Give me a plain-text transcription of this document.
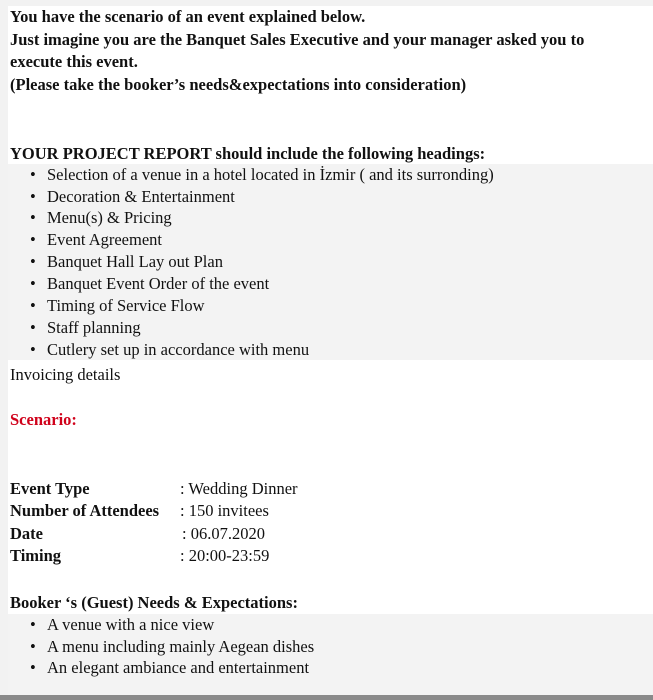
You have the scenario of an event explained below.
Just imagine you are the Banquet Sales Executive and your manager asked you to
execute this event.
(Please take the booker’s needs&expectations into consideration)
YOUR PROJECT REPORT should include the following headings:
• Selection of a venue in a hotel located in İzmir ( and its surronding)
• Decoration & Entertainment
• Menu(s) & Pricing
• Event Agreement
• Banquet Hall Lay out Plan
• Banquet Event Order of the event
• Timing of Service Flow
• Staff planning
• Cutlery set up in accordance with menu
Invoicing details
Scenario:
Event Type	: Wedding Dinner
Number of Attendees : 150 invitees
Date	: 06.07.2020
Timing	: 20:00-23:59
Booker ‘s (Guest) Needs & Expectations:
• A venue with a nice view
• A menu including mainly Aegean dishes
• An elegant ambiance and entertainment
